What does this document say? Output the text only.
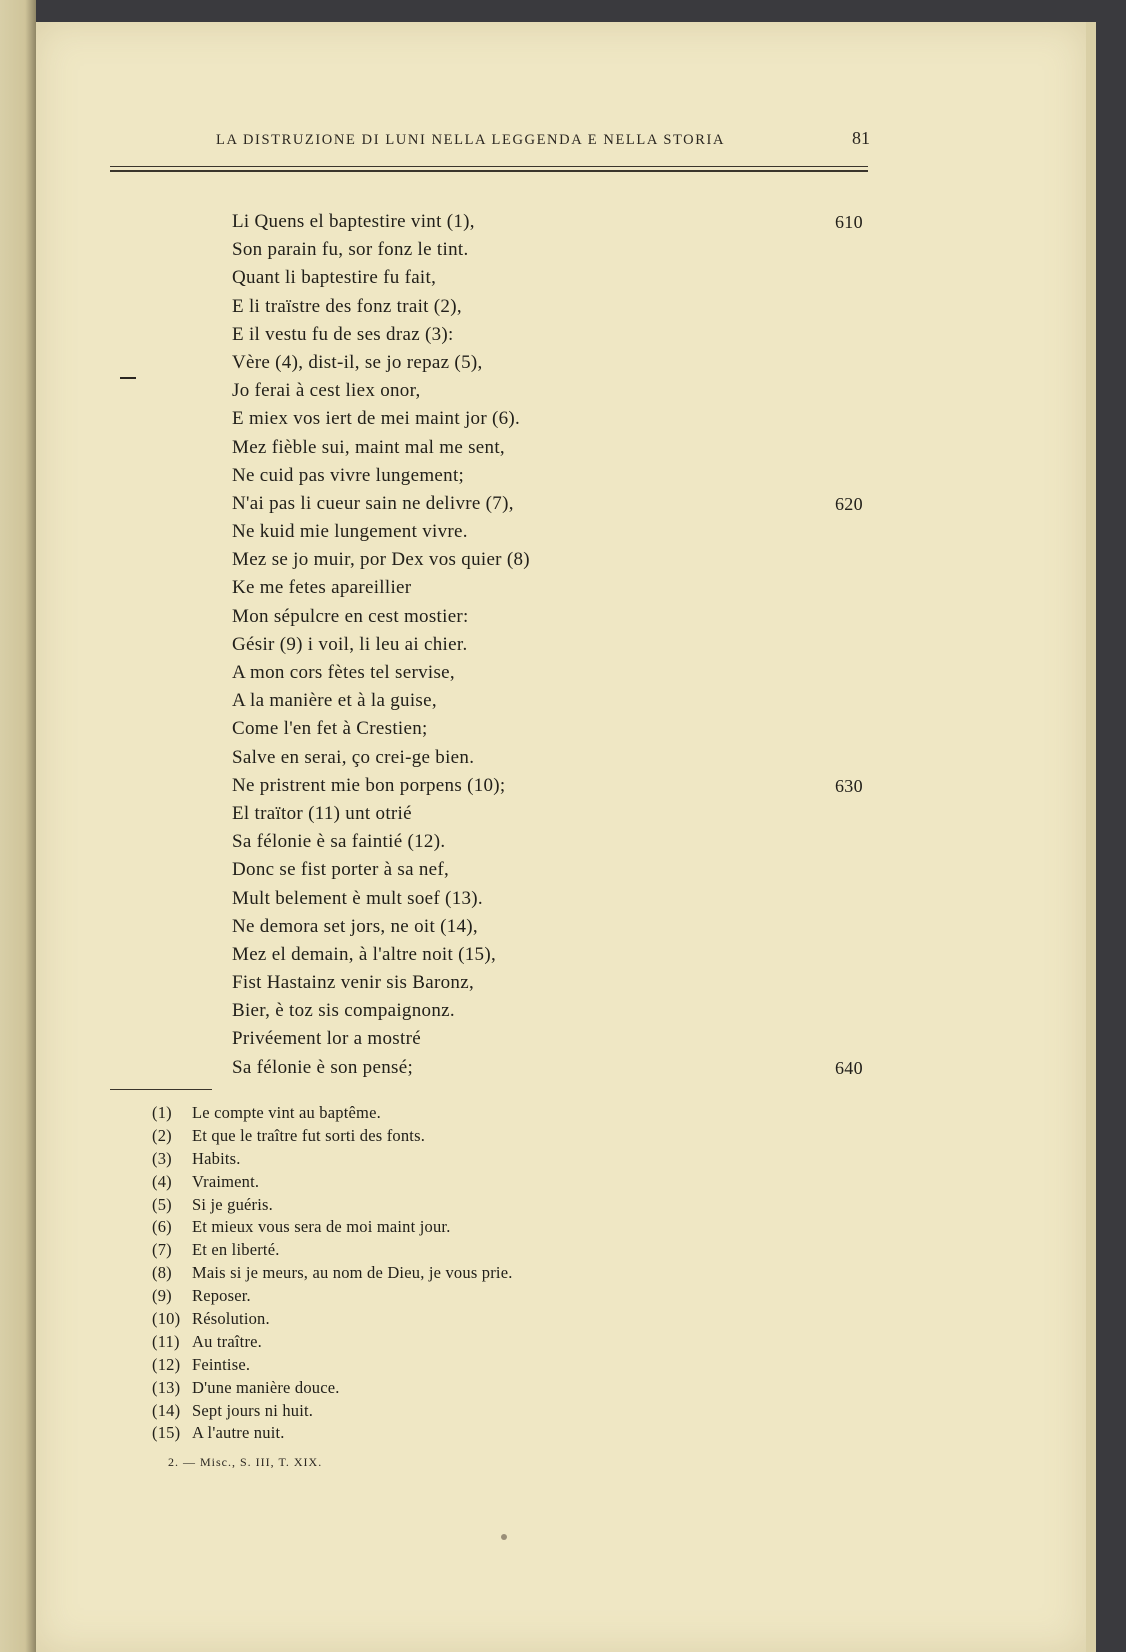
LA DISTRUZIONE DI LUNI NELLA LEGGENDA E NELLA STORIA	81
Li Quens el baptestire vint (1),	610
Son parain fu, sor fonz le tint.
Quant li baptestire fu fait,
E li traïstre des fonz trait (2),
E il vestu fu de ses draz (3):
Vère (4), dist-il, se jo repaz (5),
Jo ferai à cest liex onor,
E miex vos iert de mei maint jor (6).
Mez fièble sui, maint mal me sent,
Ne cuid pas vivre lungement;
N'ai pas li cueur sain ne delivre (7),	620
Ne kuid mie lungement vivre.
Mez se jo muir, por Dex vos quier (8)
Ke me fetes apareillier
Mon sépulcre en cest mostier:
Gésir (9) i voil, li leu ai chier.
A mon cors fètes tel servise,
A la manière et à la guise,
Come l'en fet à Crestien;
Salve en serai, ço crei-ge bien.
Ne pristrent mie bon porpens (10);	630
El traïtor (11) unt otrié
Sa félonie è sa faintié (12).
Donc se fist porter à sa nef,
Mult belement è mult soef (13).
Ne demora set jors, ne oit (14),
Mez el demain, à l'altre noit (15),
Fist Hastainz venir sis Baronz,
Bier, è toz sis compaignonz.
Privéement lor a mostré
Sa félonie è son pensé;	640
(1) Le compte vint au baptême.
(2) Et que le traître fut sorti des fonts.
(3) Habits.
(4) Vraiment.
(5) Si je guéris.
(6) Et mieux vous sera de moi maint jour.
(7) Et en liberté.
(8) Mais si je meurs, au nom de Dieu, je vous prie.
(9) Reposer.
(10) Résolution.
(11) Au traître.
(12) Feintise.
(13) D'une manière douce.
(14) Sept jours ni huit.
(15) A l'autre nuit.
2. — Misc., S. III, T. XIX.
